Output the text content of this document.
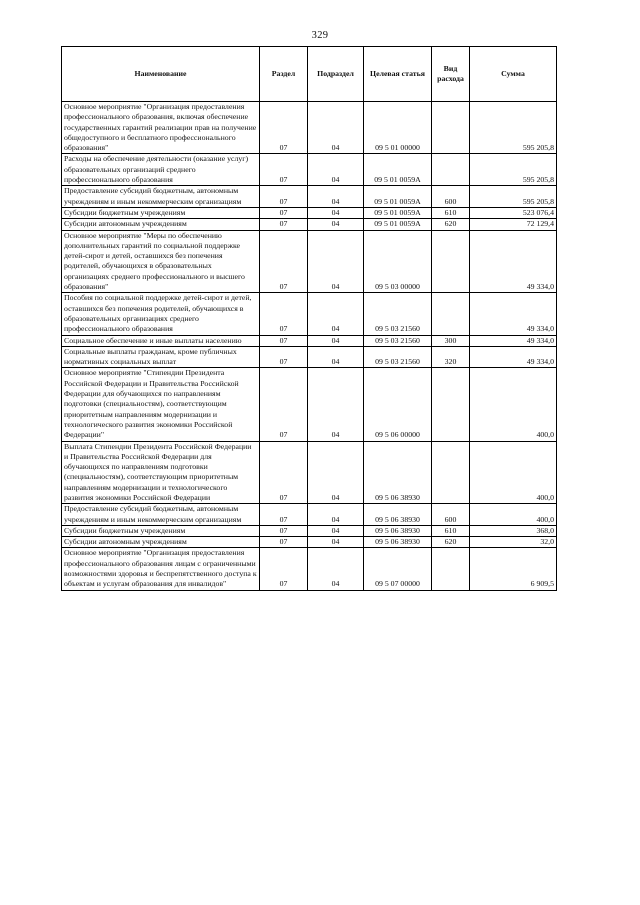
329
Наименование	Раздел	Подраздел	Целевая статья	Вид расхода	Сумма
Основное мероприятие "Организация предоставления профессионального образования, включая обеспечение государственных гарантий реализации прав на получение общедоступного и бесплатного профессионального образования"	07	04	09 5 01 00000		595 205,8
Расходы на обеспечение деятельности (оказание услуг) образовательных организаций среднего профессионального образования	07	04	09 5 01 0059А		595 205,8
Предоставление субсидий бюджетным, автономным учреждениям и иным некоммерческим организациям	07	04	09 5 01 0059А	600	595 205,8
Субсидии бюджетным учреждениям	07	04	09 5 01 0059А	610	523 076,4
Субсидии автономным учреждениям	07	04	09 5 01 0059А	620	72 129,4
Основное мероприятие "Меры по обеспечению дополнительных гарантий по социальной поддержке детей-сирот и детей, оставшихся без попечения родителей, обучающихся в образовательных организациях среднего профессионального и высшего образования"	07	04	09 5 03 00000		49 334,0
Пособия по социальной поддержке детей-сирот и детей, оставшихся без попечения родителей, обучающихся в образовательных организациях среднего профессионального образования	07	04	09 5 03 21560		49 334,0
Социальное обеспечение и иные выплаты населению	07	04	09 5 03 21560	300	49 334,0
Социальные выплаты гражданам, кроме публичных нормативных социальных выплат	07	04	09 5 03 21560	320	49 334,0
Основное мероприятие "Стипендии Президента Российской Федерации и Правительства Российской Федерации для обучающихся по направлениям подготовки (специальностям), соответствующим приоритетным направлениям модернизации и технологического развития экономики Российской Федерации"	07	04	09 5 06 00000		400,0
Выплата Стипендии Президента Российской Федерации и Правительства Российской Федерации для обучающихся по направлениям подготовки (специальностям), соответствующим приоритетным направлениям модернизации и технологического развития экономики Российской Федерации	07	04	09 5 06 38930		400,0
Предоставление субсидий бюджетным, автономным учреждениям и иным некоммерческим организациям	07	04	09 5 06 38930	600	400,0
Субсидии бюджетным учреждениям	07	04	09 5 06 38930	610	368,0
Субсидии автономным учреждениям	07	04	09 5 06 38930	620	32,0
Основное мероприятие "Организация предоставления профессионального образования лицам с ограниченными возможностями здоровья и беспрепятственного доступа к объектам и услугам образования для инвалидов"	07	04	09 5 07 00000		6 909,5
